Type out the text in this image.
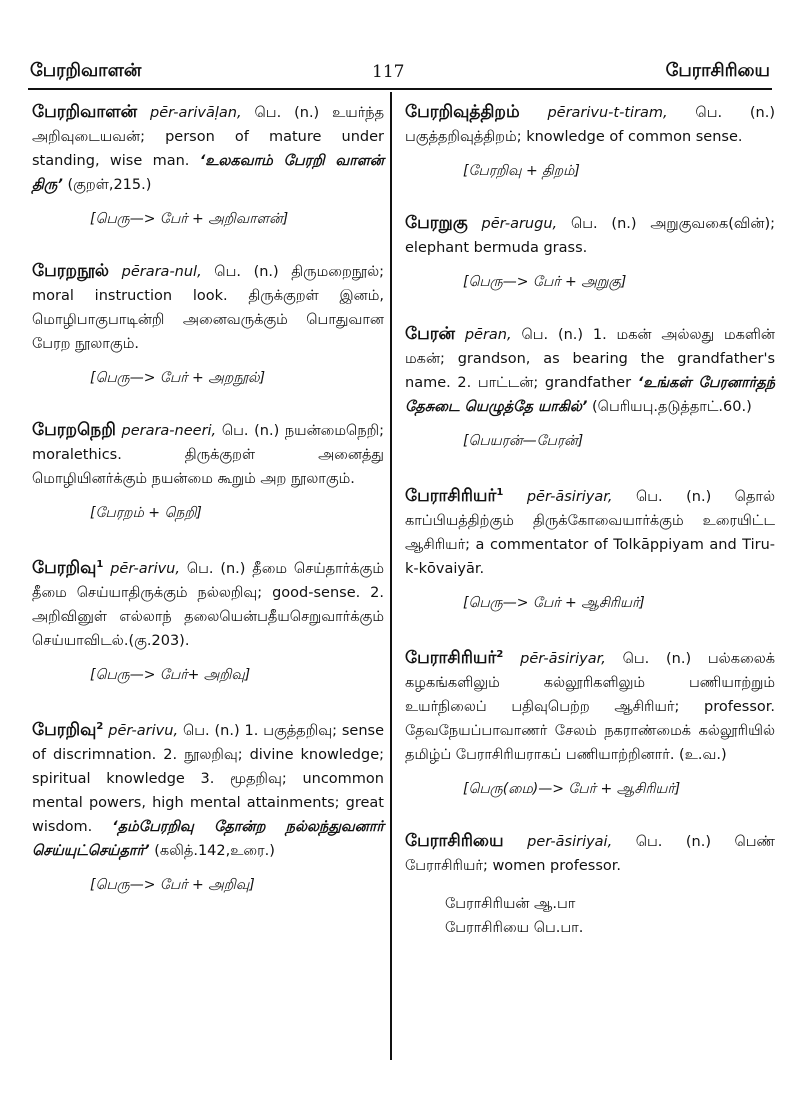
பேரறிவாளன்	117	பேராசிரியை
பேரறிவாளன் pēr-arivāḷan, பெ. (n.) உயர்ந்த அறிவுடையவன்; person of mature under standing, wise man. ‘உலகவாம் பேரறி வாளன் திரு’ (குறள்,215.)
[பெரு—> பேர் + அறிவாளன்]
பேரறநூல் pērara-nul, பெ. (n.) திருமறைநூல்; moral instruction look. திருக்குறள் இனம், மொழிபாகுபாடின்றி அனைவருக்கும் பொதுவான பேரற நூலாகும்.
[பெரு—> பேர் + அறநூல்]
பேரறநெறி perara-neeri, பெ. (n.) நயன்மைநெறி; moralethics. திருக்குறள் அனைத்து மொழியினர்க்கும் நயன்மை கூறும் அற நூலாகும்.
[பேரறம் + நெறி]
பேரறிவு$^1$ pēr-arivu, பெ. (n.) தீமை செய்தார்க்கும் தீமை செய்யாதிருக்கும் நல்லறிவு; good-sense. 2. அறிவினுள் எல்லாந் தலையென்பதீயசெறுவார்க்கும் செய்யாவிடல்.(கு.203).
[பெரு—> பேர்+ அறிவு]
பேரறிவு$^2$ pēr-arivu, பெ. (n.) 1. பகுத்தறிவு; sense of discrimnation. 2. நூலறிவு; divine knowledge; spiritual knowledge 3. மூதறிவு; uncommon mental powers, high mental attainments; great wisdom. ‘தம்பேரறிவு தோன்ற நல்லந்துவனார் செய்யுட்செய்தார்’ (கலித்.142,உரை.)
[பெரு—> பேர் + அறிவு]
பேரறிவுத்திறம் pērarivu-t-tiram, பெ. (n.) பகுத்தறிவுத்திறம்; knowledge of common sense.
[பேரறிவு + திறம்]
பேரறுகு pēr-arugu, பெ. (n.) அறுகுவகை(வின்); elephant bermuda grass.
[பெரு—> பேர் + அறுகு]
பேரன் pēran, பெ. (n.) 1. மகன் அல்லது மகளின் மகன்; grandson, as bearing the grandfather's name. 2. பாட்டன்; grandfather ‘உங்கள் பேரனார்தந் தேசுடை யெழுத்தே யாகில்’ (பெரியபு.தடுத்தாட்.60.)
[பெயரன்—பேரன்]
பேராசிரியர்$^1$ pēr-āsiriyar, பெ. (n.) தொல் காப்பியத்திற்கும் திருக்கோவையார்க்கும் உரையிட்ட ஆசிரியர்; a commentator of Tolkāppiyam and Tiru-k-kōvaiyār.
[பெரு—> பேர் + ஆசிரியர்]
பேராசிரியர்$^2$ pēr-āsiriyar, பெ. (n.) பல்கலைக் கழகங்களிலும் கல்லூரிகளிலும் பணியாற்றும் உயர்நிலைப் பதிவுபெற்ற ஆசிரியர்; professor. தேவநேயப்பாவாணர் சேலம் நகராண்மைக் கல்லூரியில் தமிழ்ப் பேராசிரியராகப் பணியாற்றினார். (உ.வ.)
[பெரு(மை)—> பேர் + ஆசிரியர்]
பேராசிரியை per-āsiriyai, பெ. (n.) பெண் பேராசிரியர்; women professor.
பேராசிரியன் ஆ.பா
பேராசிரியை பெ.பா.
